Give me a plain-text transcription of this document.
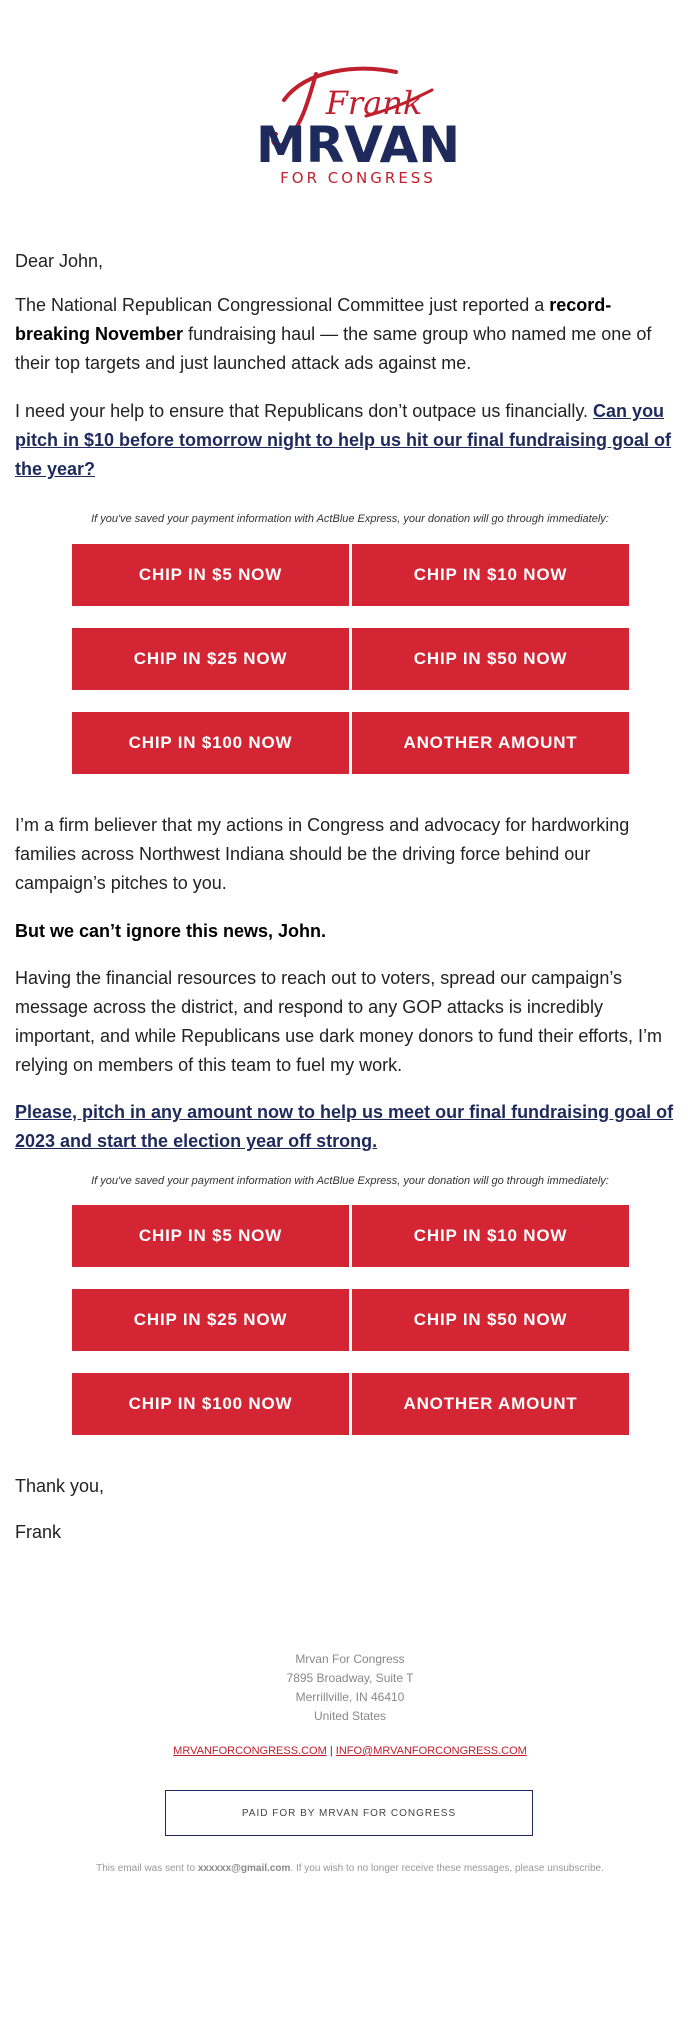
Frank
MRVAN
FOR CONGRESS

Dear John,

The National Republican Congressional Committee just reported a record-breaking November fundraising haul — the same group who named me one of their top targets and just launched attack ads against me.

I need your help to ensure that Republicans don’t outpace us financially. Can you pitch in $10 before tomorrow night to help us hit our final fundraising goal of the year?

If you've saved your payment information with ActBlue Express, your donation will go through immediately:
CHIP IN $5 NOW	CHIP IN $10 NOW
CHIP IN $25 NOW	CHIP IN $50 NOW
CHIP IN $100 NOW	ANOTHER AMOUNT

I’m a firm believer that my actions in Congress and advocacy for hardworking families across Northwest Indiana should be the driving force behind our campaign’s pitches to you.

But we can’t ignore this news, John.

Having the financial resources to reach out to voters, spread our campaign’s message across the district, and respond to any GOP attacks is incredibly important, and while Republicans use dark money donors to fund their efforts, I’m relying on members of this team to fuel my work.

Please, pitch in any amount now to help us meet our final fundraising goal of 2023 and start the election year off strong.

If you've saved your payment information with ActBlue Express, your donation will go through immediately:
CHIP IN $5 NOW	CHIP IN $10 NOW
CHIP IN $25 NOW	CHIP IN $50 NOW
CHIP IN $100 NOW	ANOTHER AMOUNT

Thank you,

Frank

Mrvan For Congress
7895 Broadway, Suite T
Merrillville, IN 46410
United States
MRVANFORCONGRESS.COM | INFO@MRVANFORCONGRESS.COM
PAID FOR BY MRVAN FOR CONGRESS
This email was sent to xxxxxx@gmail.com. If you wish to no longer receive these messages, please unsubscribe.
